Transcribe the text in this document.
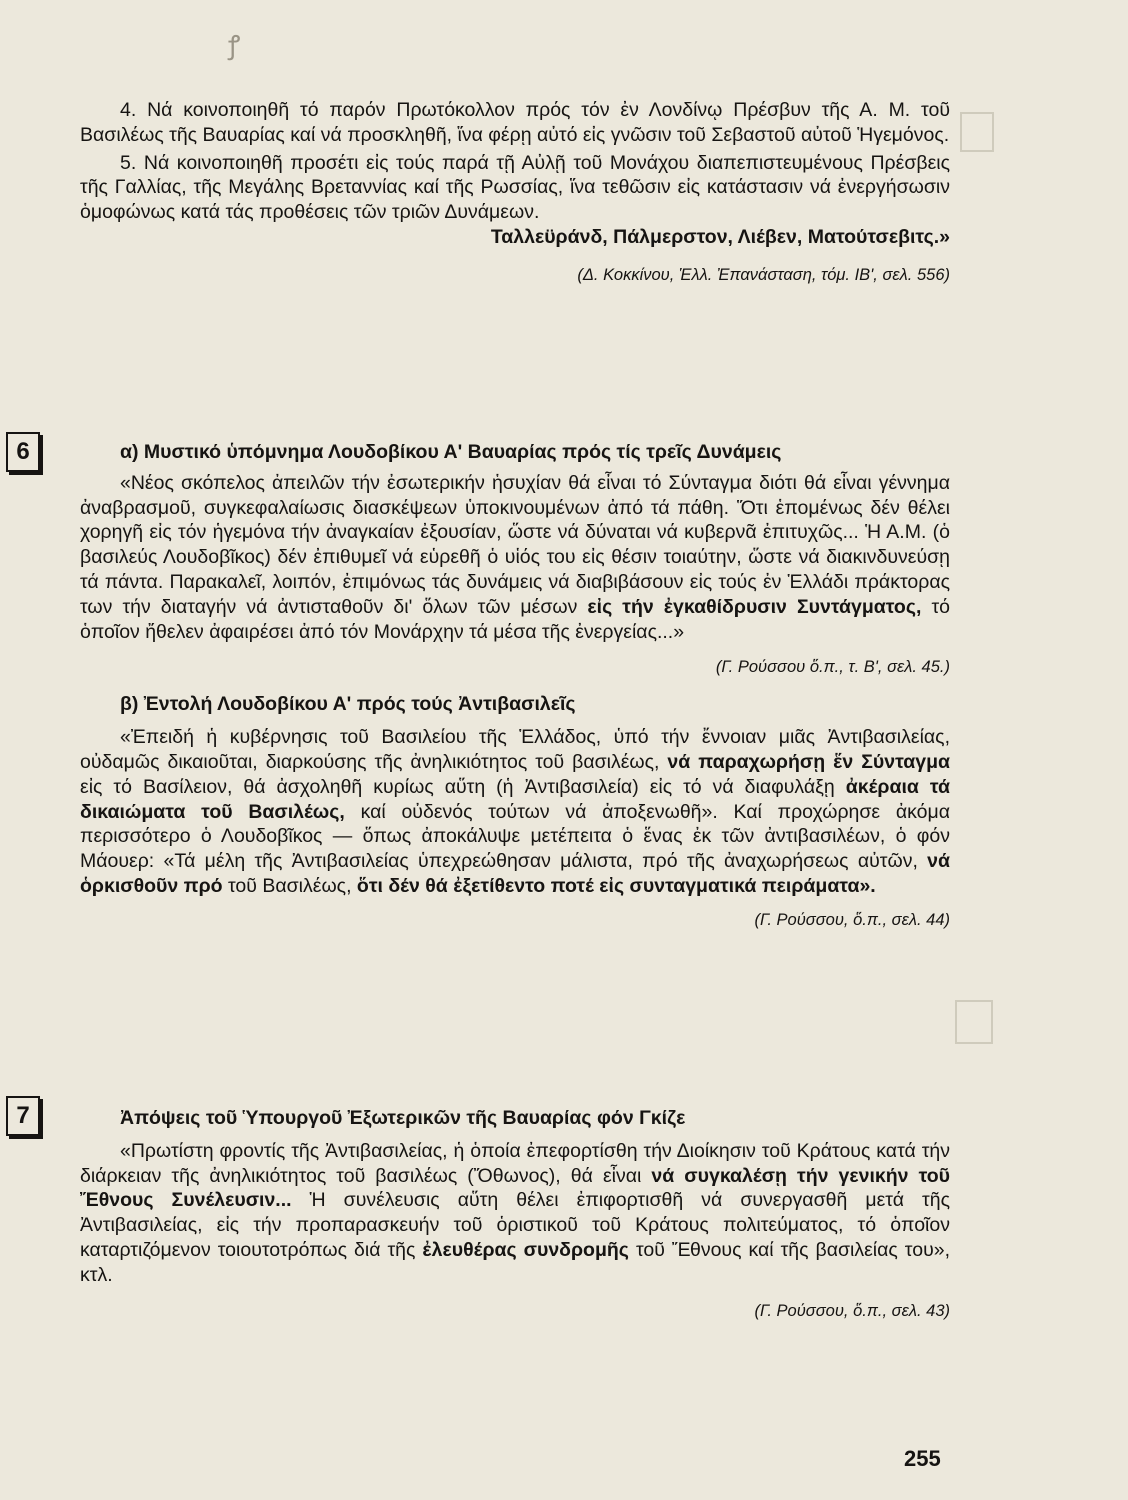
ꝭ

4. Νά κοινοποιηθῆ τό παρόν Πρωτόκολλον πρός τόν ἐν Λονδίνῳ Πρέσβυν τῆς Α. Μ. τοῦ Βασιλέως τῆς Βαυαρίας καί νά προσκληθῆ, ἵνα φέρῃ αὐτό εἰς γνῶσιν τοῦ Σεβαστοῦ αὐτοῦ Ἡγεμόνος.

5. Νά κοινοποιηθῆ προσέτι εἰς τούς παρά τῇ Αὐλῇ τοῦ Μονάχου διαπεπιστευμένους Πρέσβεις τῆς Γαλλίας, τῆς Μεγάλης Βρεταννίας καί τῆς Ρωσσίας, ἵνα τεθῶσιν εἰς κατάστασιν νά ἐνεργήσωσιν ὁμοφώνως κατά τάς προθέσεις τῶν τριῶν Δυνάμεων.

Ταλλεϋράνδ, Πάλμερστον, Λιέβεν, Ματούτσεβιτς.»

(Δ. Κοκκίνου, Ἑλλ. Ἐπανάσταση, τόμ. ΙΒ', σελ. 556)

6	α) Μυστικό ὑπόμνημα Λουδοβίκου Α' Βαυαρίας πρός τίς τρεῖς Δυνάμεις

«Νέος σκόπελος ἀπειλῶν τήν ἐσωτερικήν ἡσυχίαν θά εἶναι τό Σύνταγμα διότι θά εἶναι γέννημα ἀναβρασμοῦ, συγκεφαλαίωσις διασκέψεων ὑποκινουμένων ἀπό τά πάθη. Ὅτι ἑπομένως δέν θέλει χορηγῆ εἰς τόν ἡγεμόνα τήν ἀναγκαίαν ἐξουσίαν, ὥστε νά δύναται νά κυβερνᾶ ἐπιτυχῶς... Ἡ Α.Μ. (ὁ βασιλεύς Λουδοβῖκος) δέν ἐπιθυμεῖ νά εὑρεθῆ ὁ υἱός του εἰς θέσιν τοιαύτην, ὥστε νά διακινδυνεύσῃ τά πάντα. Παρακαλεῖ, λοιπόν, ἐπιμόνως τάς δυνάμεις νά διαβιβάσουν εἰς τούς ἐν Ἑλλάδι πράκτορας των τήν διαταγήν νά ἀντισταθοῦν δι' ὅλων τῶν μέσων εἰς τήν ἐγκαθίδρυσιν Συντάγματος, τό ὁποῖον ἤθελεν ἀφαιρέσει ἀπό τόν Μονάρχην τά μέσα τῆς ἐνεργείας...»

(Γ. Ρούσσου ὅ.π., τ. Β', σελ. 45.)

β) Ἐντολή Λουδοβίκου Α' πρός τούς Ἀντιβασιλεῖς

«Ἐπειδή ἡ κυβέρνησις τοῦ Βασιλείου τῆς Ἑλλάδος, ὑπό τήν ἔννοιαν μιᾶς Ἀντιβασιλείας, οὐδαμῶς δικαιοῦται, διαρκούσης τῆς ἀνηλικιότητος τοῦ βασιλέως, νά παραχωρήσῃ ἕν Σύνταγμα εἰς τό Βασίλειον, θά ἀσχοληθῆ κυρίως αὕτη (ἡ Ἀντιβασιλεία) εἰς τό νά διαφυλάξῃ ἀκέραια τά δικαιώματα τοῦ Βασιλέως, καί οὐδενός τούτων νά ἀποξενωθῆ». Καί προχώρησε ἀκόμα περισσότερο ὁ Λουδοβῖκος — ὅπως ἀποκάλυψε μετέπειτα ὁ ἕνας ἐκ τῶν ἀντιβασιλέων, ὁ φόν Μάουερ: «Τά μέλη τῆς Ἀντιβασιλείας ὑπεχρεώθησαν μάλιστα, πρό τῆς ἀναχωρήσεως αὐτῶν, νά ὁρκισθοῦν πρό τοῦ Βασιλέως, ὅτι δέν θά ἐξετίθεντο ποτέ εἰς συνταγματικά πειράματα».

(Γ. Ρούσσου, ὅ.π., σελ. 44)

7	Ἀπόψεις τοῦ Ὑπουργοῦ Ἐξωτερικῶν τῆς Βαυαρίας φόν Γκίζε

«Πρωτίστη φροντίς τῆς Ἀντιβασιλείας, ἡ ὁποία ἐπεφορτίσθη τήν Διοίκησιν τοῦ Κράτους κατά τήν διάρκειαν τῆς ἀνηλικιότητος τοῦ βασιλέως (Ὄθωνος), θά εἶναι νά συγκαλέσῃ τήν γενικήν τοῦ Ἔθνους Συνέλευσιν... Ἡ συνέλευσις αὕτη θέλει ἐπιφορτισθῆ νά συνεργασθῆ μετά τῆς Ἀντιβασιλείας, εἰς τήν προπαρασκευήν τοῦ ὁριστικοῦ τοῦ Κράτους πολιτεύματος, τό ὁποῖον καταρτιζόμενον τοιουτοτρόπως διά τῆς ἐλευθέρας συνδρομῆς τοῦ Ἔθνους καί τῆς βασιλείας του», κτλ.

(Γ. Ρούσσου, ὅ.π., σελ. 43)

255
